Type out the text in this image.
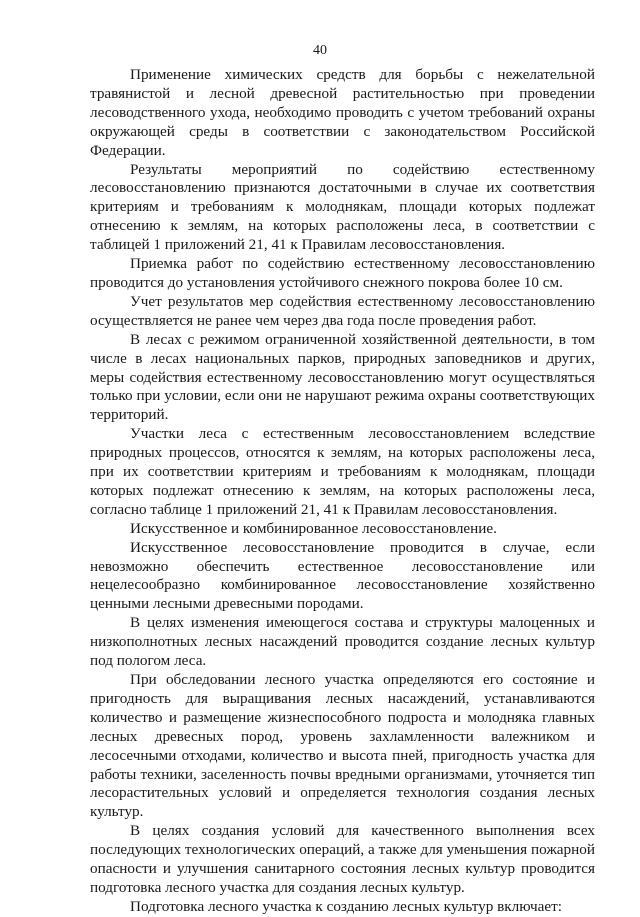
40

Применение химических средств для борьбы с нежелательной травянистой и лесной древесной растительностью при проведении лесоводственного ухода, необходимо проводить с учетом требований охраны окружающей среды в соответствии с законодательством Российской Федерации.

Результаты мероприятий по содействию естественному лесовосстановлению признаются достаточными в случае их соответствия критериям и требованиям к молоднякам, площади которых подлежат отнесению к землям, на которых расположены леса, в соответствии с таблицей 1 приложений 21, 41 к Правилам лесовосстановления.

Приемка работ по содействию естественному лесовосстановлению проводится до установления устойчивого снежного покрова более 10 см.

Учет результатов мер содействия естественному лесовосстановлению осуществляется не ранее чем через два года после проведения работ.

В лесах с режимом ограниченной хозяйственной деятельности, в том числе в лесах национальных парков, природных заповедников и других, меры содействия естественному лесовосстановлению могут осуществляться только при условии, если они не нарушают режима охраны соответствующих территорий.

Участки леса с естественным лесовосстановлением вследствие природных процессов, относятся к землям, на которых расположены леса, при их соответствии критериям и требованиям к молоднякам, площади которых подлежат отнесению к землям, на которых расположены леса, согласно таблице 1 приложений 21, 41 к Правилам лесовосстановления.

Искусственное и комбинированное лесовосстановление.

Искусственное лесовосстановление проводится в случае, если невозможно обеспечить естественное лесовосстановление или нецелесообразно комбинированное лесовосстановление хозяйственно ценными лесными древесными породами.

В целях изменения имеющегося состава и структуры малоценных и низкополнотных лесных насаждений проводится создание лесных культур под пологом леса.

При обследовании лесного участка определяются его состояние и пригодность для выращивания лесных насаждений, устанавливаются количество и размещение жизнеспособного подроста и молодняка главных лесных древесных пород, уровень захламленности валежником и лесосечными отходами, количество и высота пней, пригодность участка для работы техники, заселенность почвы вредными организмами, уточняется тип лесорастительных условий и определяется технология создания лесных культур.

В целях создания условий для качественного выполнения всех последующих технологических операций, а также для уменьшения пожарной опасности и улучшения санитарного состояния лесных культур проводится подготовка лесного участка для создания лесных культур.

Подготовка лесного участка к созданию лесных культур включает:
